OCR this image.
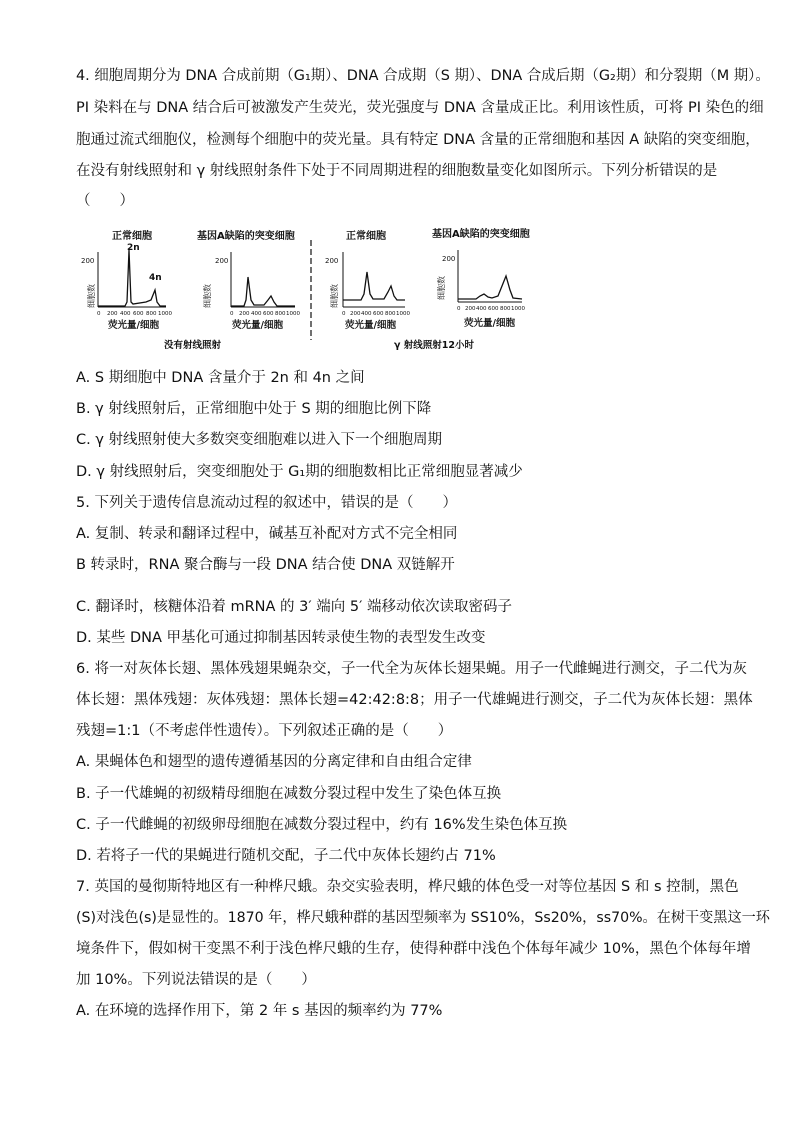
4. 细胞周期分为 DNA 合成前期（G₁期）、DNA 合成期（S 期）、DNA 合成后期（G₂期）和分裂期（M 期）。
PI 染料在与 DNA 结合后可被激发产生荧光，荧光强度与 DNA 含量成正比。利用该性质，可将 PI 染色的细
胞通过流式细胞仪，检测每个细胞中的荧光量。具有特定 DNA 含量的正常细胞和基因 A 缺陷的突变细胞，
在没有射线照射和 γ 射线照射条件下处于不同周期进程的细胞数量变化如图所示。下列分析错误的是
（　　）
正常细胞
2n
4n
200
细胞数
0 200 400 600 800 1000
荧光量/细胞
基因A缺陷的突变细胞
200
细胞数
0 200 400 600 800 1000
荧光量/细胞
正常细胞
200
细胞数
0 200 400 600 800 1000
荧光量/细胞
基因A缺陷的突变细胞
200
细胞数
0 200 400 600 800 1000
荧光量/细胞
没有射线照射	γ 射线照射12小时
A. S 期细胞中 DNA 含量介于 2n 和 4n 之间
B. γ 射线照射后，正常细胞中处于 S 期的细胞比例下降
C. γ 射线照射使大多数突变细胞难以进入下一个细胞周期
D. γ 射线照射后，突变细胞处于 G₁期的细胞数相比正常细胞显著减少
5. 下列关于遗传信息流动过程的叙述中，错误的是（　　）
A. 复制、转录和翻译过程中，碱基互补配对方式不完全相同
B 转录时，RNA 聚合酶与一段 DNA 结合使 DNA 双链解开
C. 翻译时，核糖体沿着 mRNA 的 3′ 端向 5′ 端移动依次读取密码子
D. 某些 DNA 甲基化可通过抑制基因转录使生物的表型发生改变
6. 将一对灰体长翅、黑体残翅果蝇杂交，子一代全为灰体长翅果蝇。用子一代雌蝇进行测交，子二代为灰
体长翅：黑体残翅：灰体残翅：黑体长翅=42:42:8:8；用子一代雄蝇进行测交，子二代为灰体长翅：黑体
残翅=1:1（不考虑伴性遗传）。下列叙述正确的是（　　）
A. 果蝇体色和翅型的遗传遵循基因的分离定律和自由组合定律
B. 子一代雄蝇的初级精母细胞在减数分裂过程中发生了染色体互换
C. 子一代雌蝇的初级卵母细胞在减数分裂过程中，约有 16%发生染色体互换
D. 若将子一代的果蝇进行随机交配，子二代中灰体长翅约占 71%
7. 英国的曼彻斯特地区有一种桦尺蛾。杂交实验表明，桦尺蛾的体色受一对等位基因 S 和 s 控制，黑色
(S)对浅色(s)是显性的。1870 年，桦尺蛾种群的基因型频率为 SS10%，Ss20%，ss70%。在树干变黑这一环
境条件下，假如树干变黑不利于浅色桦尺蛾的生存，使得种群中浅色个体每年减少 10%，黑色个体每年增
加 10%。下列说法错误的是（　　）
A. 在环境的选择作用下，第 2 年 s 基因的频率约为 77%
